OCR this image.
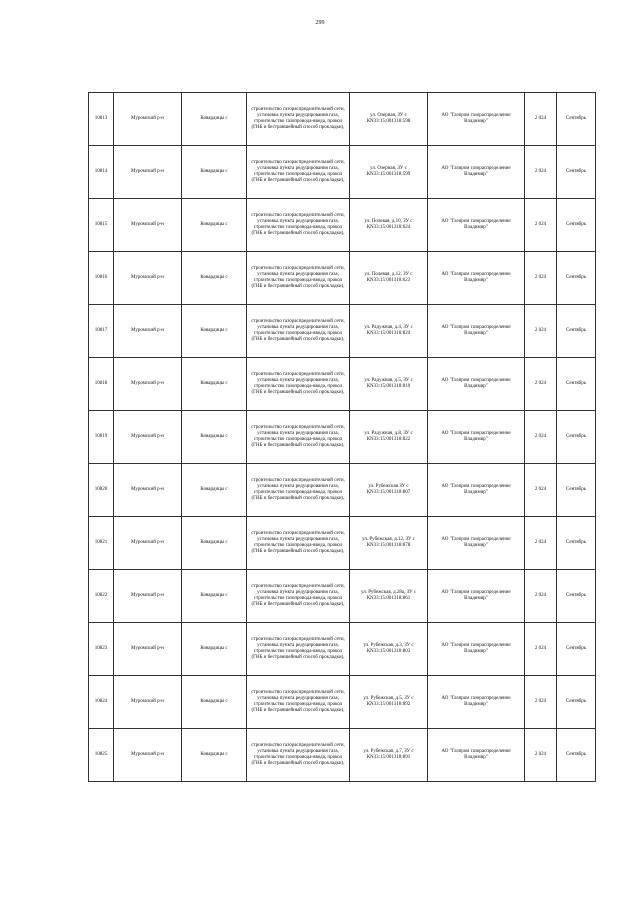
299
10813	Муромский р-н	Ковардицы с	строительство газораспределительной сети, установка пункта редуцирования газа, строительство газопровода-ввода, прокол (ГНБ и бестраншейный способ прокладки),	ул. Озерная, ЗУ с КN33:15:001318:598	АО "Газпром газораспределение Владимир"	2 024	Сентябрь
10814	Муромский р-н	Ковардицы с	строительство газораспределительной сети, установка пункта редуцирования газа, строительство газопровода-ввода, прокол (ГНБ и бестраншейный способ прокладки),	ул. Озерная, ЗУ с КN33:15:001318:599	АО "Газпром газораспределение Владимир"	2 024	Сентябрь
10815	Муромский р-н	Ковардицы с	строительство газораспределительной сети, установка пункта редуцирования газа, строительство газопровода-ввода, прокол (ГНБ и бестраншейный способ прокладки),	ул. Полевая, д.10, ЗУ с КN33:15:001318:624	АО "Газпром газораспределение Владимир"	2 024	Сентябрь
10816	Муромский р-н	Ковардицы с	строительство газораспределительной сети, установка пункта редуцирования газа, строительство газопровода-ввода, прокол (ГНБ и бестраншейный способ прокладки),	ул. Полевая, д.12, ЗУ с КN33:15:001318:623	АО "Газпром газораспределение Владимир"	2 024	Сентябрь
10817	Муромский р-н	Ковардицы с	строительство газораспределительной сети, установка пункта редуцирования газа, строительство газопровода-ввода, прокол (ГНБ и бестраншейный способ прокладки),	ул. Радужная, д.4, ЗУ с КN33:15:001318:824	АО "Газпром газораспределение Владимир"	2 024	Сентябрь
10818	Муромский р-н	Ковардицы с	строительство газораспределительной сети, установка пункта редуцирования газа, строительство газопровода-ввода, прокол (ГНБ и бестраншейный способ прокладки),	ул. Радужная, д.5, ЗУ с КN33:15:001318:819	АО "Газпром газораспределение Владимир"	2 024	Сентябрь
10819	Муромский р-н	Ковардицы с	строительство газораспределительной сети, установка пункта редуцирования газа, строительство газопровода-ввода, прокол (ГНБ и бестраншейный способ прокладки),	ул. Радужная, д.8, ЗУ с КN33:15:001318:822	АО "Газпром газораспределение Владимир"	2 024	Сентябрь
10820	Муромский р-н	Ковардицы с	строительство газораспределительной сети, установка пункта редуцирования газа, строительство газопровода-ввода, прокол (ГНБ и бестраншейный способ прокладки),	ул. Рубежская ЗУ с КN33:15:001318:807	АО "Газпром газораспределение Владимир"	2 024	Сентябрь
10821	Муромский р-н	Ковардицы с	строительство газораспределительной сети, установка пункта редуцирования газа, строительство газопровода-ввода, прокол (ГНБ и бестраншейный способ прокладки),	ул. Рубежская, д.12, ЗУ с КN33:15:001318:878	АО "Газпром газораспределение Владимир"	2 024	Сентябрь
10822	Муромский р-н	Ковардицы с	строительство газораспределительной сети, установка пункта редуцирования газа, строительство газопровода-ввода, прокол (ГНБ и бестраншейный способ прокладки),	ул. Рубежская, д.28а, ЗУ с КN33:15:001318:861	АО "Газпром газораспределение Владимир"	2 024	Сентябрь
10823	Муромский р-н	Ковардицы с	строительство газораспределительной сети, установка пункта редуцирования газа, строительство газопровода-ввода, прокол (ГНБ и бестраншейный способ прокладки),	ул. Рубежская, д.3, ЗУ с КN33:15:001318:803	АО "Газпром газораспределение Владимир"	2 024	Сентябрь
10824	Муромский р-н	Ковардицы с	строительство газораспределительной сети, установка пункта редуцирования газа, строительство газопровода-ввода, прокол (ГНБ и бестраншейный способ прокладки),	ул. Рубежская, д.5, ЗУ с КN33:15:001318:892	АО "Газпром газораспределение Владимир"	2 024	Сентябрь
10825	Муромский р-н	Ковардицы с	строительство газораспределительной сети, установка пункта редуцирования газа, строительство газопровода-ввода, прокол (ГНБ и бестраншейный способ прокладки),	ул. Рубежская, д.7, ЗУ с КN33:15:001318:891	АО "Газпром газораспределение Владимир"	2 024	Сентябрь
